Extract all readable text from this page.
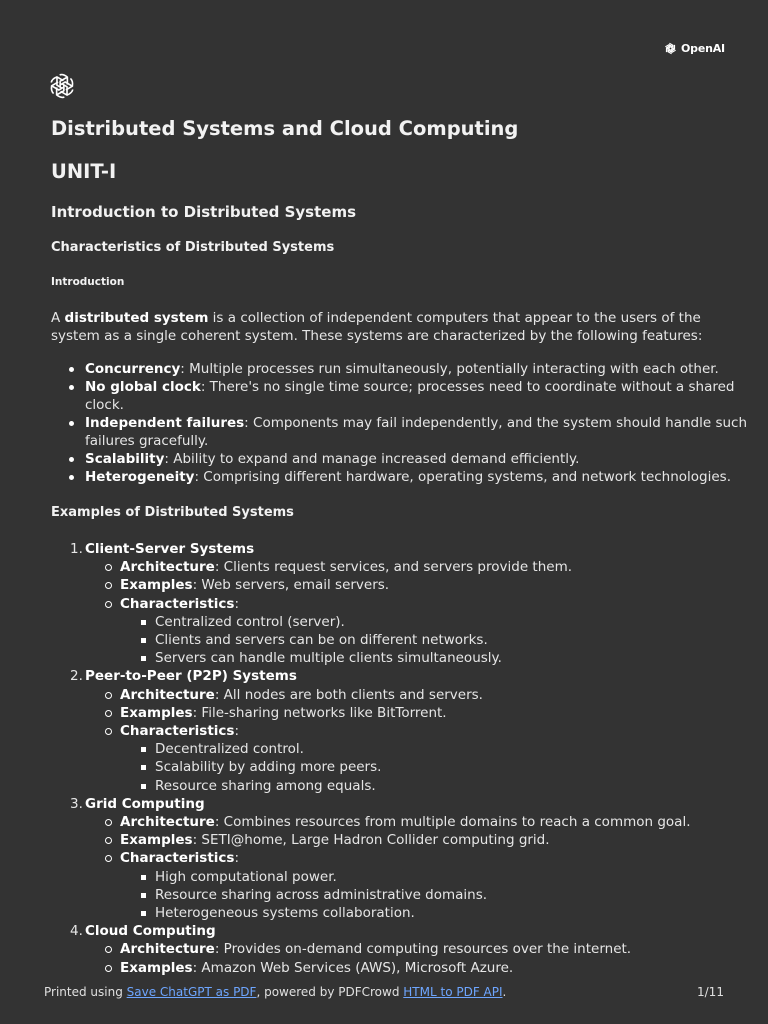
OpenAI
Distributed Systems and Cloud Computing
UNIT-I
Introduction to Distributed Systems
Characteristics of Distributed Systems
Introduction

A distributed system is a collection of independent computers that appear to the users of the system as a single coherent system. These systems are characterized by the following features:

Concurrency: Multiple processes run simultaneously, potentially interacting with each other.
No global clock: There's no single time source; processes need to coordinate without a shared clock.
Independent failures: Components may fail independently, and the system should handle such failures gracefully.
Scalability: Ability to expand and manage increased demand efficiently.
Heterogeneity: Comprising different hardware, operating systems, and network technologies.
Examples of Distributed Systems
1. Client-Server Systems
Architecture: Clients request services, and servers provide them.
Examples: Web servers, email servers.
Characteristics:
Centralized control (server).
Clients and servers can be on different networks.
Servers can handle multiple clients simultaneously.
2. Peer-to-Peer (P2P) Systems
Architecture: All nodes are both clients and servers.
Examples: File-sharing networks like BitTorrent.
Characteristics:
Decentralized control.
Scalability by adding more peers.
Resource sharing among equals.
3. Grid Computing
Architecture: Combines resources from multiple domains to reach a common goal.
Examples: SETI@home, Large Hadron Collider computing grid.
Characteristics:
High computational power.
Resource sharing across administrative domains.
Heterogeneous systems collaboration.
4. Cloud Computing
Architecture: Provides on-demand computing resources over the internet.
Examples: Amazon Web Services (AWS), Microsoft Azure.
Printed using Save ChatGPT as PDF, powered by PDFCrowd HTML to PDF API.	1/11
